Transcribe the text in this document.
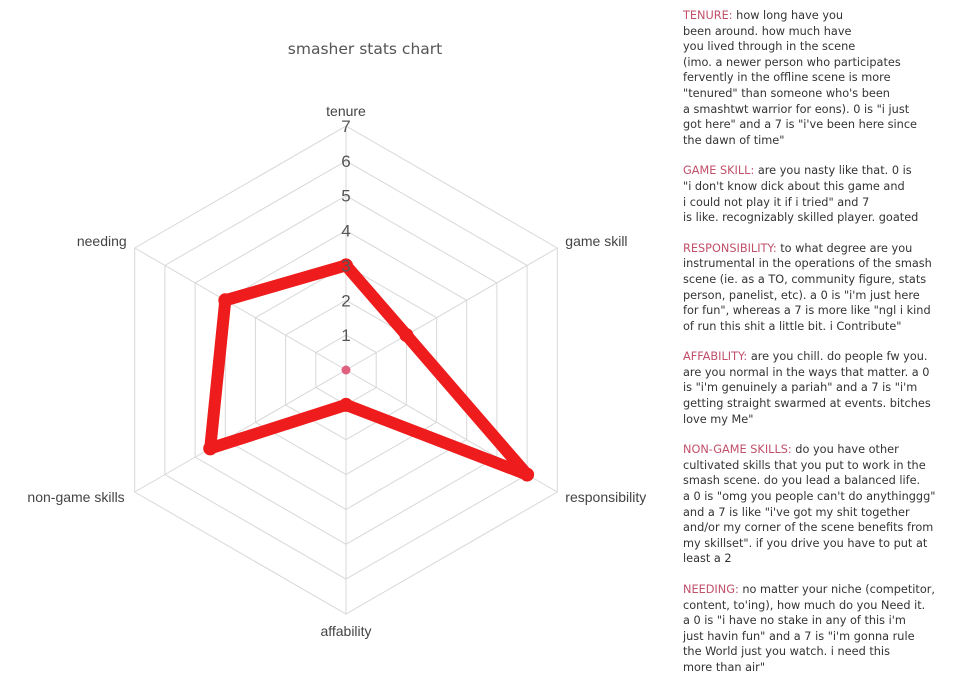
smasher stats chart
1
2
3
4
5
6
7
tenure
game skill
responsibility
affability
non-game skills
needing
TENURE: how long have you
been around. how much have
you lived through in the scene
(imo. a newer person who participates
fervently in the offline scene is more
"tenured" than someone who's been
a smashtwt warrior for eons). 0 is "i just
got here" and a 7 is "i've been here since
the dawn of time"
GAME SKILL: are you nasty like that. 0 is
"i don't know dick about this game and
i could not play it if i tried" and 7
is like. recognizably skilled player. goated
RESPONSIBILITY: to what degree are you
instrumental in the operations of the smash
scene (ie. as a TO, community figure, stats
person, panelist, etc). a 0 is "i'm just here
for fun", whereas a 7 is more like "ngl i kind
of run this shit a little bit. i Contribute"
AFFABILITY: are you chill. do people fw you.
are you normal in the ways that matter. a 0
is "i'm genuinely a pariah" and a 7 is "i'm
getting straight swarmed at events. bitches
love my Me"
NON-GAME SKILLS: do you have other
cultivated skills that you put to work in the
smash scene. do you lead a balanced life.
a 0 is "omg you people can't do anythinggg"
and a 7 is like "i've got my shit together
and/or my corner of the scene benefits from
my skillset". if you drive you have to put at
least a 2
NEEDING: no matter your niche (competitor,
content, to'ing), how much do you Need it.
a 0 is "i have no stake in any of this i'm
just havin fun" and a 7 is "i'm gonna rule
the World just you watch. i need this
more than air"
